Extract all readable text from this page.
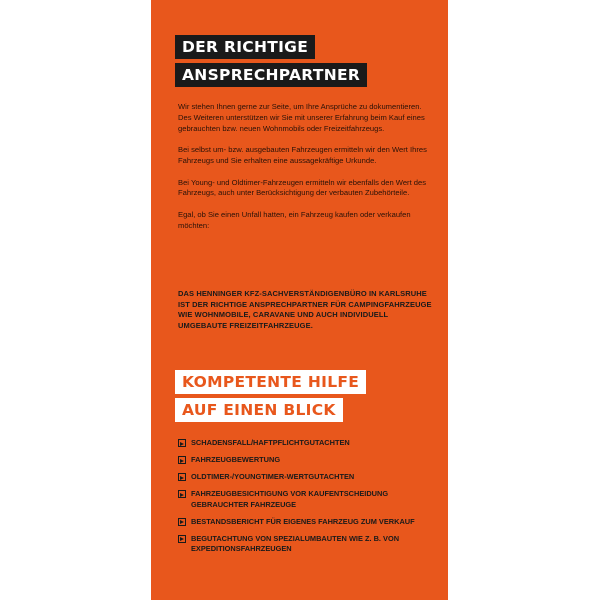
DER RICHTIGE
ANSPRECHPARTNER

Wir stehen Ihnen gerne zur Seite, um Ihre Ansprüche zu dokumentieren. Des Weiteren unterstützen wir Sie mit unserer Erfahrung beim Kauf eines gebrauchten bzw. neuen Wohnmobils oder Freizeitfahrzeugs.

Bei selbst um- bzw. ausgebauten Fahrzeugen ermitteln wir den Wert Ihres Fahrzeugs und Sie erhalten eine aussagekräftige Urkunde.

Bei Young- und Oldtimer-Fahrzeugen ermitteln wir ebenfalls den Wert des Fahrzeugs, auch unter Berücksichtigung der verbauten Zubehörteile.

Egal, ob Sie einen Unfall hatten, ein Fahrzeug kaufen oder verkaufen möchten:

DAS HENNINGER KFZ-SACHVERSTÄNDIGENBÜRO IN KARLSRUHE IST DER RICHTIGE ANSPRECHPARTNER FÜR CAMPINGFAHRZEUGE WIE WOHNMOBILE, CARAVANE UND AUCH INDIVIDUELL UMGEBAUTE FREIZEITFAHRZEUGE.
KOMPETENTE HILFE
AUF EINEN BLICK
SCHADENSFALL/HAFTPFLICHTGUTACHTEN
FAHRZEUGBEWERTUNG
OLDTIMER-/YOUNGTIMER-WERTGUTACHTEN
FAHRZEUGBESICHTIGUNG VOR KAUFENTSCHEIDUNG GEBRAUCHTER FAHRZEUGE
BESTANDSBERICHT FÜR EIGENES FAHRZEUG ZUM VERKAUF
BEGUTACHTUNG VON SPEZIALUMBAUTEN WIE Z. B. VON EXPEDITIONSFAHRZEUGEN
